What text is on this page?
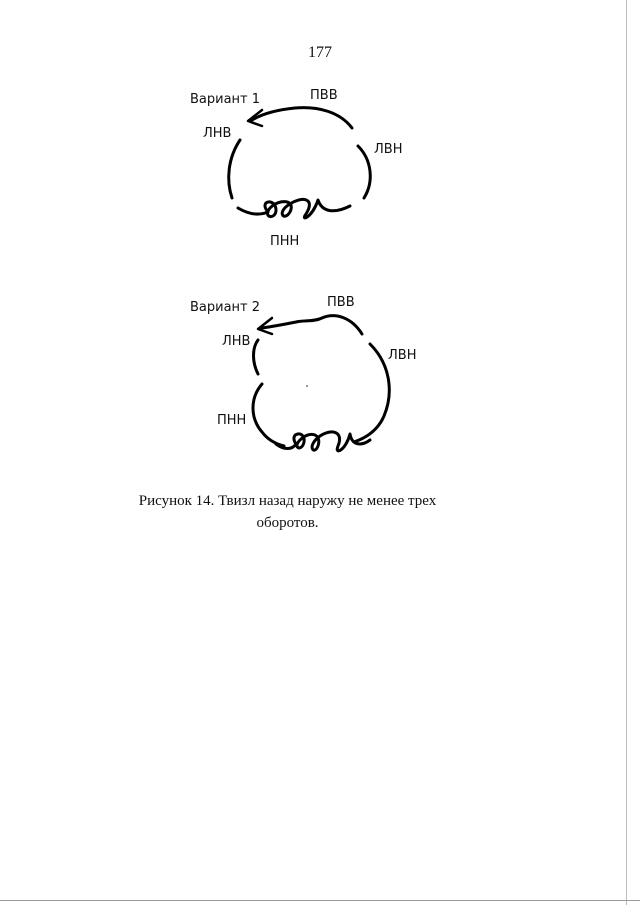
177
Вариант 1	ПВВ
ЛНВ
ЛВН
ПНН
Вариант 2	ПВВ
ЛНВ
ЛВН
ПНН
Рисунок 14. Твизл назад наружу не менее трех
оборотов.
